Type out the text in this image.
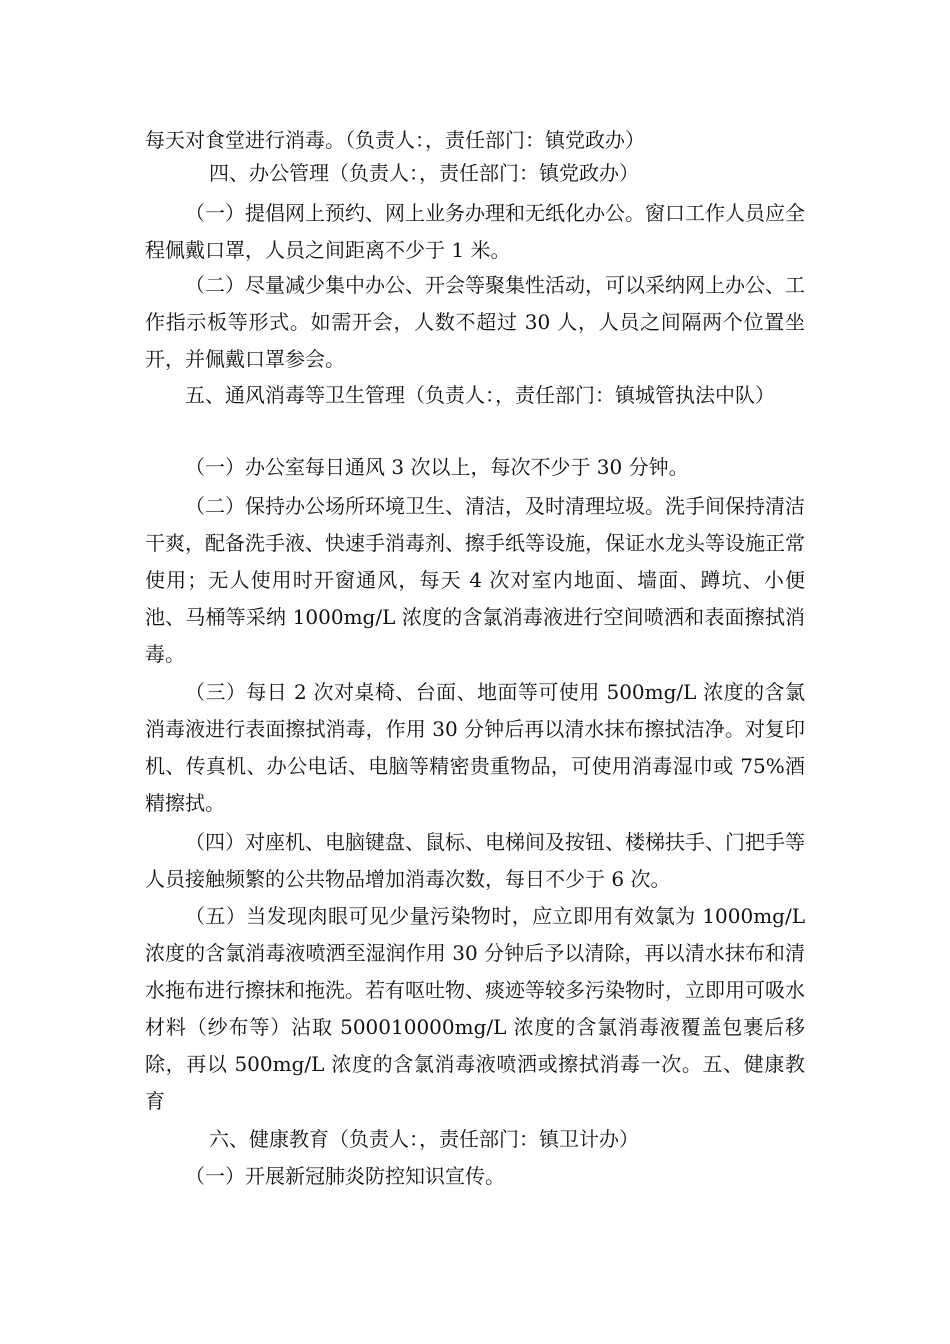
每天对食堂进行消毒。（负责人：，责任部门：镇党政办）

四、办公管理（负责人：，责任部门：镇党政办）

（一）提倡网上预约、网上业务办理和无纸化办公。窗口工作人员应全程佩戴口罩，人员之间距离不少于 1 米。

（二）尽量减少集中办公、开会等聚集性活动，可以采纳网上办公、工作指示板等形式。如需开会，人数不超过 30 人，人员之间隔两个位置坐开，并佩戴口罩参会。

五、通风消毒等卫生管理（负责人：，责任部门：镇城管执法中队）

（一）办公室每日通风 3 次以上，每次不少于 30 分钟。

（二）保持办公场所环境卫生、清洁，及时清理垃圾。洗手间保持清洁干爽，配备洗手液、快速手消毒剂、擦手纸等设施，保证水龙头等设施正常使用；无人使用时开窗通风，每天 4 次对室内地面、墙面、蹲坑、小便池、马桶等采纳 1000mg/L 浓度的含氯消毒液进行空间喷洒和表面擦拭消毒。

（三）每日 2 次对桌椅、台面、地面等可使用 500mg/L 浓度的含氯消毒液进行表面擦拭消毒，作用 30 分钟后再以清水抹布擦拭洁净。对复印机、传真机、办公电话、电脑等精密贵重物品，可使用消毒湿巾或 75%酒精擦拭。

（四）对座机、电脑键盘、鼠标、电梯间及按钮、楼梯扶手、门把手等人员接触频繁的公共物品增加消毒次数，每日不少于 6 次。

（五）当发现肉眼可见少量污染物时，应立即用有效氯为 1000mg/L 浓度的含氯消毒液喷洒至湿润作用 30 分钟后予以清除，再以清水抹布和清水拖布进行擦抹和拖洗。若有呕吐物、痰迹等较多污染物时，立即用可吸水材料（纱布等）沾取 500010000mg/L 浓度的含氯消毒液覆盖包裹后移除，再以 500mg/L 浓度的含氯消毒液喷洒或擦拭消毒一次。五、健康教育

六、健康教育（负责人：，责任部门：镇卫计办）

（一）开展新冠肺炎防控知识宣传。
